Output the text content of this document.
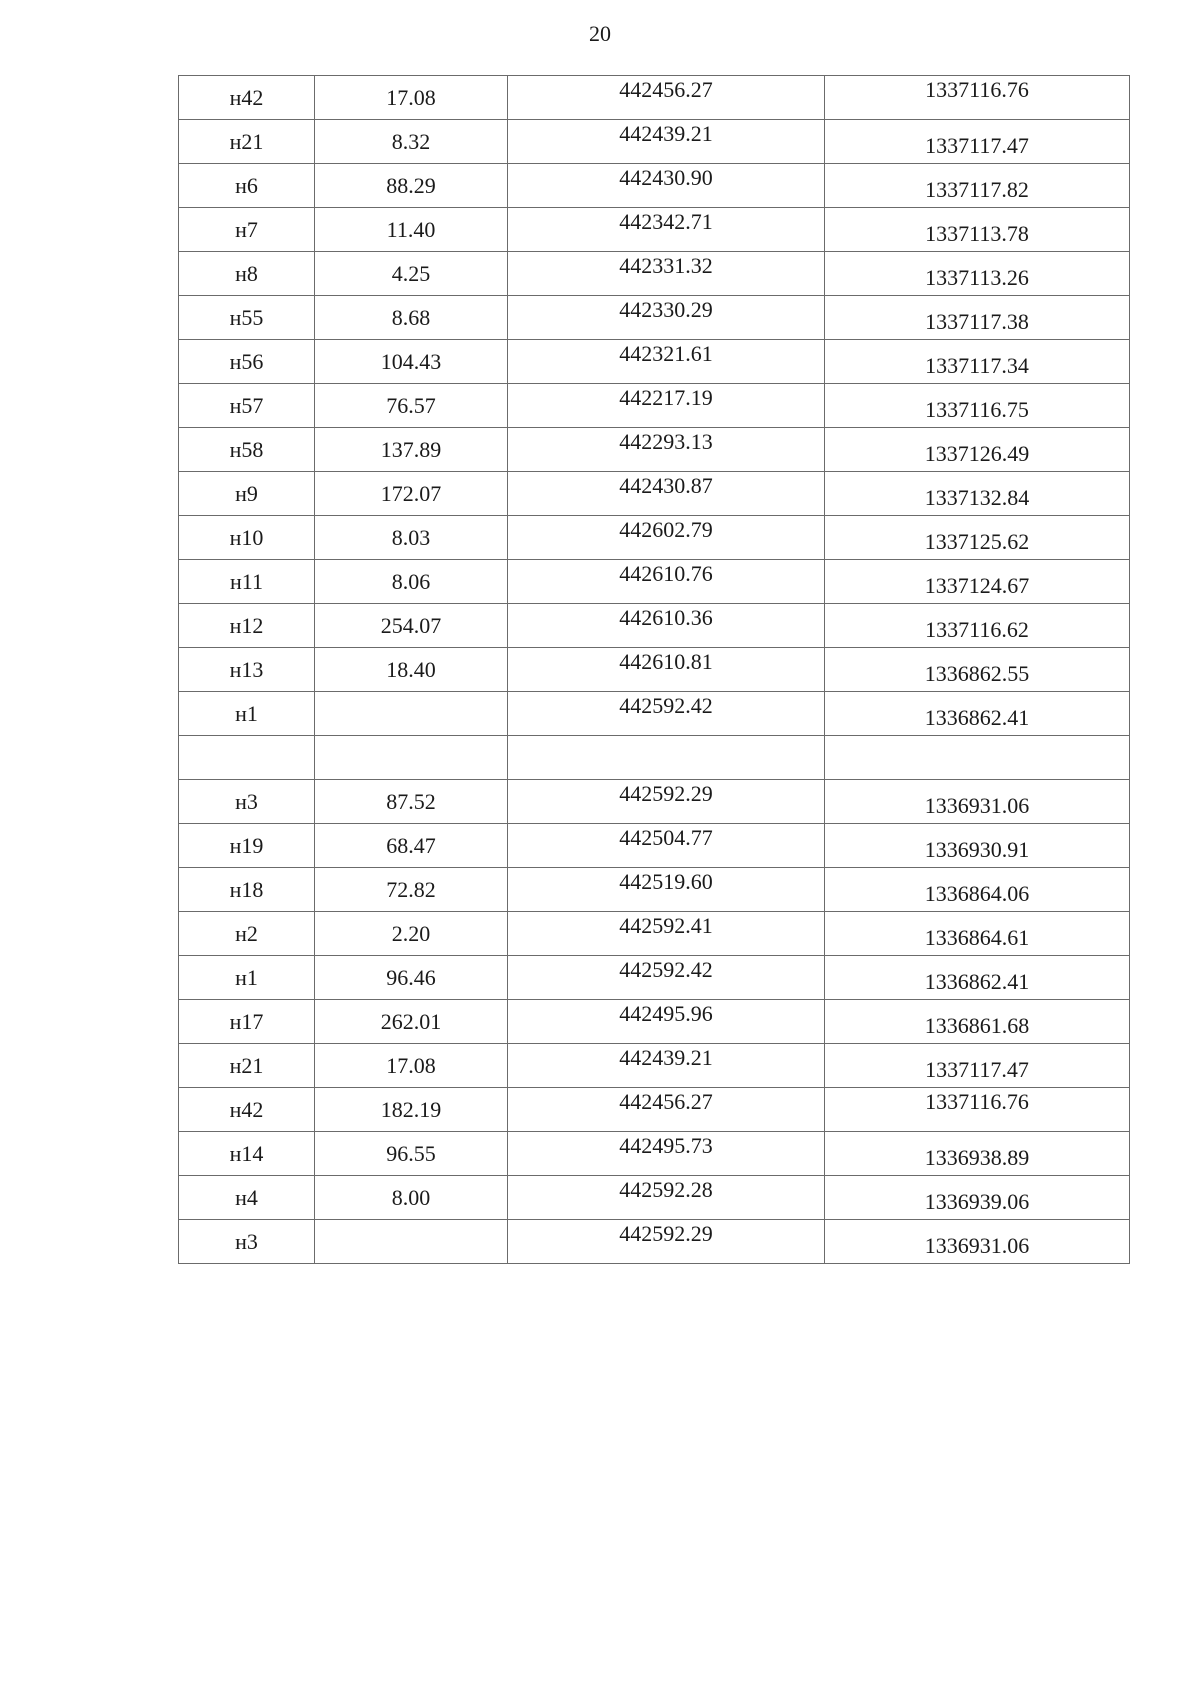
20
н42	17.08	442456.27	1337116.76
н21	8.32	442439.21	1337117.47
н6	88.29	442430.90	1337117.82
н7	11.40	442342.71	1337113.78
н8	4.25	442331.32	1337113.26
н55	8.68	442330.29	1337117.38
н56	104.43	442321.61	1337117.34
н57	76.57	442217.19	1337116.75
н58	137.89	442293.13	1337126.49
н9	172.07	442430.87	1337132.84
н10	8.03	442602.79	1337125.62
н11	8.06	442610.76	1337124.67
н12	254.07	442610.36	1337116.62
н13	18.40	442610.81	1336862.55
н1		442592.42	1336862.41

н3	87.52	442592.29	1336931.06
н19	68.47	442504.77	1336930.91
н18	72.82	442519.60	1336864.06
н2	2.20	442592.41	1336864.61
н1	96.46	442592.42	1336862.41
н17	262.01	442495.96	1336861.68
н21	17.08	442439.21	1337117.47
н42	182.19	442456.27	1337116.76
н14	96.55	442495.73	1336938.89
н4	8.00	442592.28	1336939.06
н3		442592.29	1336931.06
